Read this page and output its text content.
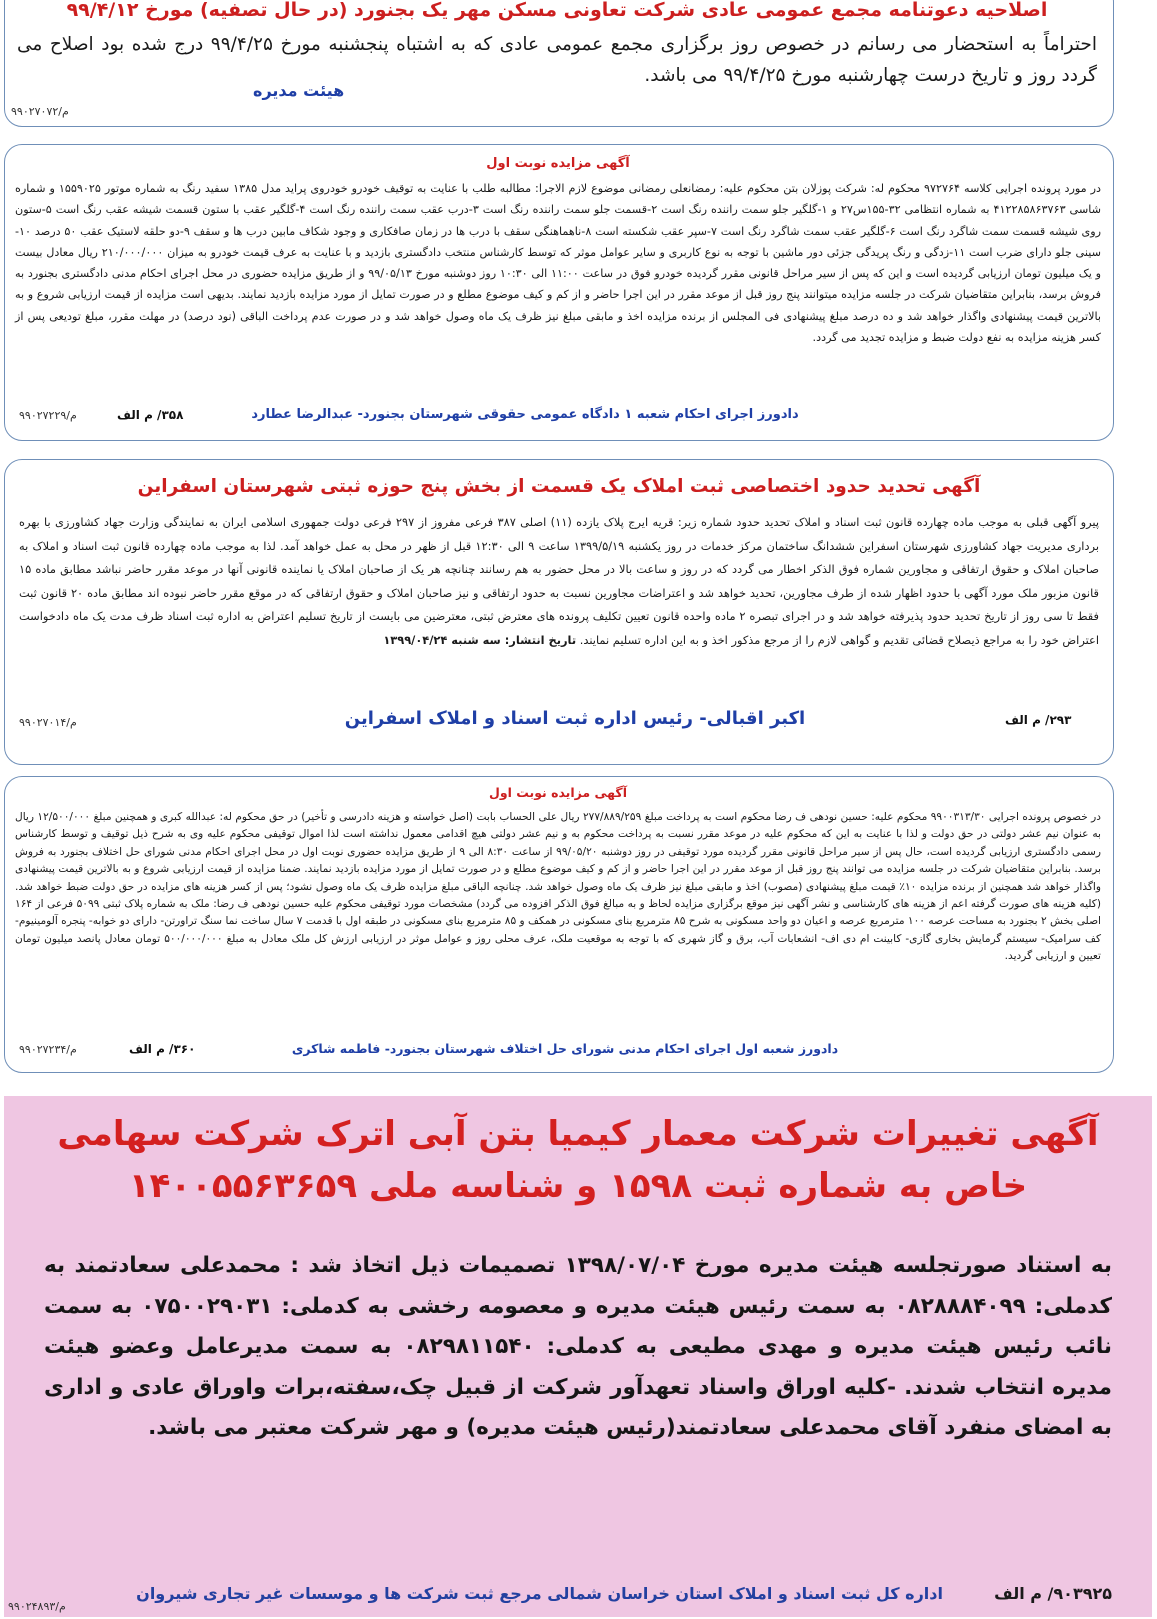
اصلاحیه دعوتنامه مجمع عمومی عادی شرکت تعاونی مسکن مهر یک بجنورد (در حال تصفیه) مورخ ۹۹/۴/۱۲
احتراماً به استحضار می رسانم در خصوص روز برگزاری مجمع عمومی عادی که به اشتباه پنجشنبه مورخ ۹۹/۴/۲۵ درج شده بود اصلاح می گردد روز و تاریخ درست چهارشنبه مورخ ۹۹/۴/۲۵ می باشد.
هیئت مدیره
۹۹۰۲۷۰۷۲/م
آگهی مزایده نوبت اول
در مورد پرونده اجرایی کلاسه ۹۷۲۷۶۴ محکوم له: شرکت پوزلان بتن محکوم علیه: رمضانعلی رمضانی موضوع لازم الاجرا: مطالبه طلب با عنایت به توقیف خودرو خودروی پراید مدل ۱۳۸۵ سفید رنگ به شماره موتور ۱۵۵۹۰۲۵ و شماره شاسی ۴۱۲۲۸۵۸۶۳۷۶۳ به شماره انتظامی ۳۲-۱۵۵س۲۷ و ۱-گلگیر جلو سمت راننده رنگ است ۲-قسمت جلو سمت راننده رنگ است ۳-درب عقب سمت راننده رنگ است ۴-گلگیر عقب با ستون قسمت شیشه عقب رنگ است ۵-ستون روی شیشه قسمت سمت شاگرد رنگ است ۶-گلگیر عقب سمت شاگرد رنگ است ۷-سپر عقب شکسته است ۸-ناهماهنگی سقف با درب ها در زمان صافکاری و وجود شکاف مابین درب ها و سقف ۹-دو حلقه لاستیک عقب ۵۰ درصد ۱۰-سینی جلو دارای ضرب است ۱۱-زدگی و رنگ پریدگی جزئی دور ماشین با توجه به نوع کاربری و سایر عوامل موثر که توسط کارشناس منتخب دادگستری بازدید و با عنایت به عرف قیمت خودرو به میزان ۲۱۰/۰۰۰/۰۰۰ ریال معادل بیست و یک میلیون تومان ارزیابی گردیده است و این که پس از سیر مراحل قانونی مقرر گردیده خودرو فوق در ساعت ۱۱:۰۰ الی ۱۰:۳۰ روز دوشنبه مورخ ۹۹/۰۵/۱۳ و از طریق مزایده حضوری در محل اجرای احکام مدنی دادگستری بجنورد به فروش برسد، بنابراین متقاضیان شرکت در جلسه مزایده میتوانند پنج روز قبل از موعد مقرر در این اجرا حاضر و از کم و کیف موضوع مطلع و در صورت تمایل از مورد مزایده بازدید نمایند. بدیهی است مزایده از قیمت ارزیابی شروع و به بالاترین قیمت پیشنهادی واگذار خواهد شد و ده درصد مبلغ پیشنهادی فی المجلس از برنده مزایده اخذ و مابقی مبلغ نیز ظرف یک ماه وصول خواهد شد و در صورت عدم پرداخت الباقی (نود درصد) در مهلت مقرر، مبلغ تودیعی پس از کسر هزینه مزایده به نفع دولت ضبط و مزایده تجدید می گردد.
دادورز اجرای احکام شعبه ۱ دادگاه عمومی حقوقی شهرستان بجنورد- عبدالرضا عطارد
۳۵۸/ م الف
۹۹۰۲۷۲۲۹/م
آگهی تحدید حدود اختصاصی ثبت املاک یک قسمت از بخش پنج حوزه ثبتی شهرستان اسفراین
پیرو آگهی قبلی به موجب ماده چهارده قانون ثبت اسناد و املاک تحدید حدود شماره زیر: قریه ایرج پلاک یازده (۱۱) اصلی ۳۸۷ فرعی مفروز از ۲۹۷ فرعی دولت جمهوری اسلامی ایران به نمایندگی وزارت جهاد کشاورزی با بهره برداری مدیریت جهاد کشاورزی شهرستان اسفراین ششدانگ ساختمان مرکز خدمات در روز یکشنبه ۱۳۹۹/۵/۱۹ ساعت ۹ الی ۱۲:۳۰ قبل از ظهر در محل به عمل خواهد آمد. لذا به موجب ماده چهارده قانون ثبت اسناد و املاک به صاحبان املاک و حقوق ارتفاقی و مجاورین شماره فوق الذکر اخطار می گردد که در روز و ساعت بالا در محل حضور به هم رسانند چنانچه هر یک از صاحبان املاک یا نماینده قانونی آنها در موعد مقرر حاضر نباشد مطابق ماده ۱۵ قانون مزبور ملک مورد آگهی با حدود اظهار شده از طرف مجاورین، تحدید خواهد شد و اعتراضات مجاورین نسبت به حدود ارتفاقی و نیز صاحبان املاک و حقوق ارتفاقی که در موقع مقرر حاضر نبوده اند مطابق ماده ۲۰ قانون ثبت فقط تا سی روز از تاریخ تحدید حدود پذیرفته خواهد شد و در اجرای تبصره ۲ ماده واحده قانون تعیین تکلیف پرونده های معترض ثبتی، معترضین می بایست از تاریخ تسلیم اعتراض به اداره ثبت اسناد ظرف مدت یک ماه دادخواست اعتراض خود را به مراجع ذیصلاح قضائی تقدیم و گواهی لازم را از مرجع مذکور اخذ و به این اداره تسلیم نمایند. تاریخ انتشار: سه شنبه ۱۳۹۹/۰۴/۲۴
اکبر اقبالی- رئیس اداره ثبت اسناد و املاک اسفراین	۲۹۳/ م الف
۹۹۰۲۷۰۱۴/م
آگهی مزایده نوبت اول
در خصوص پرونده اجرایی ۹۹۰۰۳۱۳/۳۰ محکوم علیه: حسین نودهی ف رضا محکوم است به پرداخت مبلغ ۲۷۷/۸۸۹/۲۵۹ ریال علی الحساب بابت (اصل خواسته و هزینه دادرسی و تأخیر) در حق محکوم له: عبدالله کبری و همچنین مبلغ ۱۲/۵۰۰/۰۰۰ ریال به عنوان نیم عشر دولتی در حق دولت و لذا با عنایت به این که محکوم علیه در موعد مقرر نسبت به پرداخت محکوم به و نیم عشر دولتی هیچ اقدامی معمول نداشته است لذا اموال توقیفی محکوم علیه وی به شرح ذیل توقیف و توسط کارشناس رسمی دادگستری ارزیابی گردیده است، حال پس از سیر مراحل قانونی مقرر گردیده مورد توقیفی در روز دوشنبه ۹۹/۰۵/۲۰ از ساعت ۸:۳۰ الی ۹ از طریق مزایده حضوری نوبت اول در محل اجرای احکام مدنی شورای حل اختلاف بجنورد به فروش برسد. بنابراین متقاضیان شرکت در جلسه مزایده می توانند پنج روز قبل از موعد مقرر در این اجرا حاضر و از کم و کیف موضوع مطلع و در صورت تمایل از مورد مزایده بازدید نمایند. ضمنا مزایده از قیمت ارزیابی شروع و به بالاترین قیمت پیشنهادی واگذار خواهد شد همچنین از برنده مزایده ۱۰٪ قیمت مبلغ پیشنهادی (مصوب) اخذ و مابقی مبلغ نیز ظرف یک ماه وصول خواهد شد. چنانچه الباقی مبلغ مزایده ظرف یک ماه وصول نشود؛ پس از کسر هزینه های مزایده در حق دولت ضبط خواهد شد. (کلیه هزینه های صورت گرفته اعم از هزینه های کارشناسی و نشر آگهی نیز موقع برگزاری مزایده لحاظ و به مبالغ فوق الذکر افزوده می گردد) مشخصات مورد توقیفی محکوم علیه حسین نودهی ف رضا: ملک به شماره پلاک ثبتی ۵۰۹۹ فرعی از ۱۶۴ اصلی بخش ۲ بجنورد به مساحت عرصه ۱۰۰ مترمربع عرصه و اعیان دو واحد مسکونی به شرح ۸۵ مترمربع بنای مسکونی در همکف و ۸۵ مترمربع بنای مسکونی در طبقه اول با قدمت ۷ سال ساخت نما سنگ تراورتن- دارای دو خوابه- پنجره آلومینیوم- کف سرامیک- سیستم گرمایش بخاری گازی- کابینت ام دی اف- انشعابات آب، برق و گاز شهری که با توجه به موقعیت ملک، عرف محلی روز و عوامل موثر در ارزیابی ارزش کل ملک معادل به مبلغ ۵۰۰/۰۰۰/۰۰۰ تومان معادل پانصد میلیون تومان تعیین و ارزیابی گردید.
دادورز شعبه اول اجرای احکام مدنی شورای حل اختلاف شهرستان بجنورد- فاطمه شاکری
۳۶۰/ م الف
۹۹۰۲۷۲۳۴/م
آگهی تغییرات شرکت معمار کیمیا بتن آبی اترک شرکت سهامی خاص به شماره ثبت ۱۵۹۸ و شناسه ملی ۱۴۰۰۵۵۶۳۶۵۹
به استناد صورتجلسه هیئت مدیره مورخ ۱۳۹۸/۰۷/۰۴ تصمیمات ذیل اتخاذ شد : محمدعلی سعادتمند به کدملی: ۰۸۲۸۸۸۴۰۹۹ به سمت رئیس هیئت مدیره و معصومه رخشی به کدملی: ۰۷۵۰۰۲۹۰۳۱ به سمت نائب رئیس هیئت مدیره و مهدی مطیعی به کدملی: ۰۸۲۹۸۱۱۵۴۰ به سمت مدیرعامل وعضو هیئت مدیره انتخاب شدند. -کلیه اوراق واسناد تعهدآور شرکت از قبیل چک،سفته،برات واوراق عادی و اداری به امضای منفرد آقای محمدعلی سعادتمند(رئیس هیئت مدیره) و مهر شرکت معتبر می باشد.
۹۰۳۹۲۵/ م الف  اداره کل ثبت اسناد و املاک استان خراسان شمالی مرجع ثبت شرکت ها و موسسات غیر تجاری شیروان
۹۹۰۲۴۸۹۳/م
